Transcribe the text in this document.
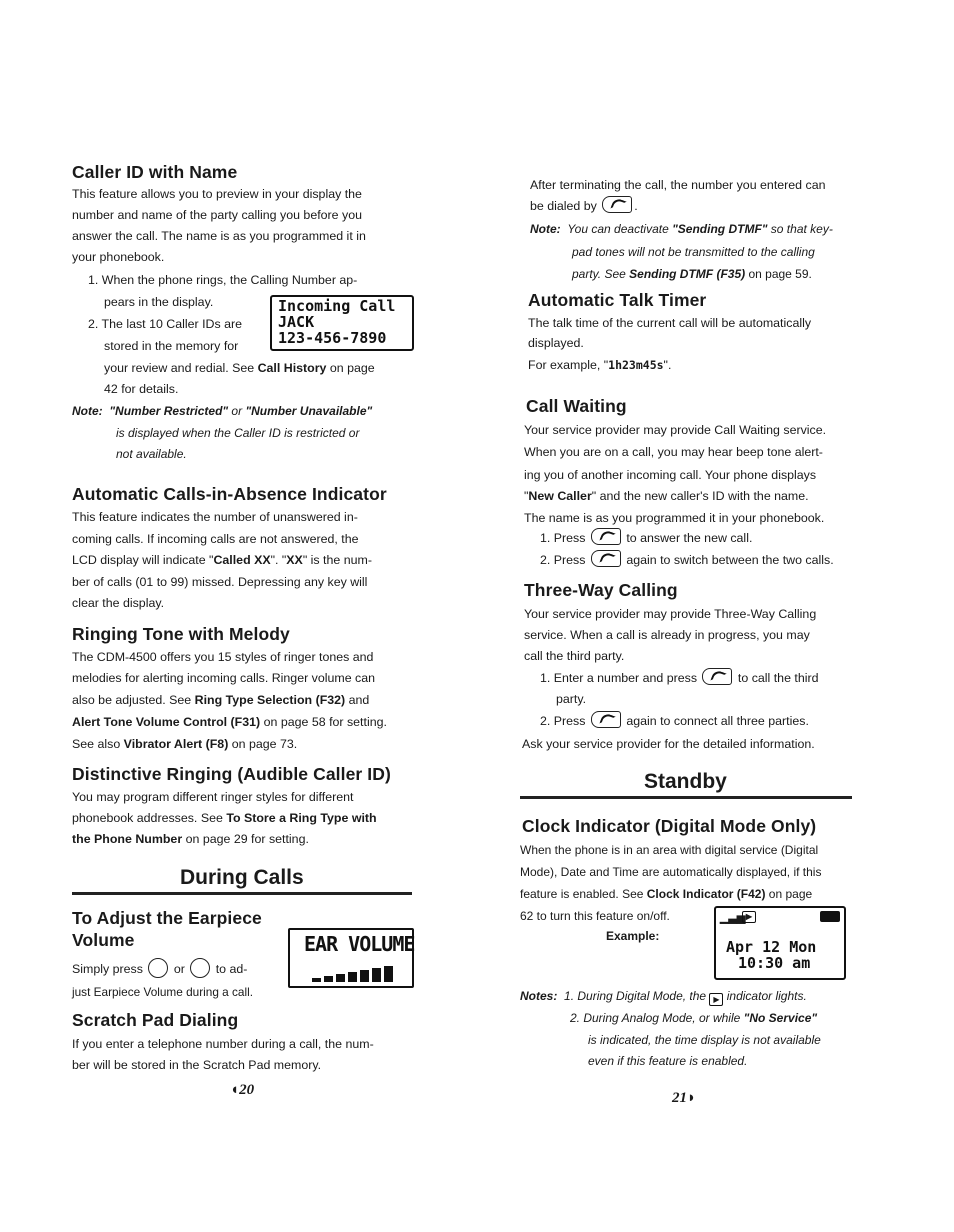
Caller ID with Name

This feature allows you to preview in your display the

number and name of the party calling you before you

answer the call. The name is as you programmed it in

your phonebook.

1. When the phone rings, the Calling Number ap-

pears in the display.

2. The last 10 Caller IDs are

stored in the memory for

your review and redial. See Call History on page

42 for details.

Incoming Call
JACK
123-456-7890

Note: "Number Restricted" or "Number Unavailable"

is displayed when the Caller ID is restricted or

not available.

Automatic Calls-in-Absence Indicator

This feature indicates the number of unanswered in-

coming calls. If incoming calls are not answered, the

LCD display will indicate "Called XX". "XX" is the num-

ber of calls (01 to 99) missed. Depressing any key will

clear the display.

Ringing Tone with Melody

The CDM-4500 offers you 15 styles of ringer tones and

melodies for alerting incoming calls. Ringer volume can

also be adjusted. See Ring Type Selection (F32) and

Alert Tone Volume Control (F31) on page 58 for setting.

See also Vibrator Alert (F8) on page 73.

Distinctive Ringing (Audible Caller ID)

You may program different ringer styles for different

phonebook addresses. See To Store a Ring Type with

the Phone Number on page 29 for setting.

During Calls
To Adjust the Earpiece
Volume

Simply press  or  to ad-

just Earpiece Volume during a call.

EAR VOLUME
Scratch Pad Dialing

If you enter a telephone number during a call, the num-

ber will be stored in the Scratch Pad memory.

◖20

After terminating the call, the number you entered can

be dialed by	.

Note: You can deactivate "Sending DTMF" so that key-

pad tones will not be transmitted to the calling

party. See Sending DTMF (F35) on page 59.

Automatic Talk Timer

The talk time of the current call will be automatically

displayed.

For example, "1h23m45s".

Call Waiting

Your service provider may provide Call Waiting service.

When you are on a call, you may hear beep tone alert-

ing you of another incoming call. Your phone displays

"New Caller" and the new caller's ID with the name.

The name is as you programmed it in your phonebook.

1. Press	to answer the new call.

2. Press	again to switch between the two calls.

Three-Way Calling

Your service provider may provide Three-Way Calling

service. When a call is already in progress, you may

call the third party.

1. Enter a number and press	to call the third

party.

2. Press	again to connect all three parties.

Ask your service provider for the detailed information.

Standby
Clock Indicator (Digital Mode Only)

When the phone is in an area with digital service (Digital

Mode), Date and Time are automatically displayed, if this

feature is enabled. See Clock Indicator (F42) on page

62 to turn this feature on/off.

Example:

▁▃▅ ▶
Apr 12 Mon
10:30 am

Notes: 1. During Digital Mode, the ▶ indicator lights.

2. During Analog Mode, or while "No Service"

is indicated, the time display is not available

even if this feature is enabled.

21◗
